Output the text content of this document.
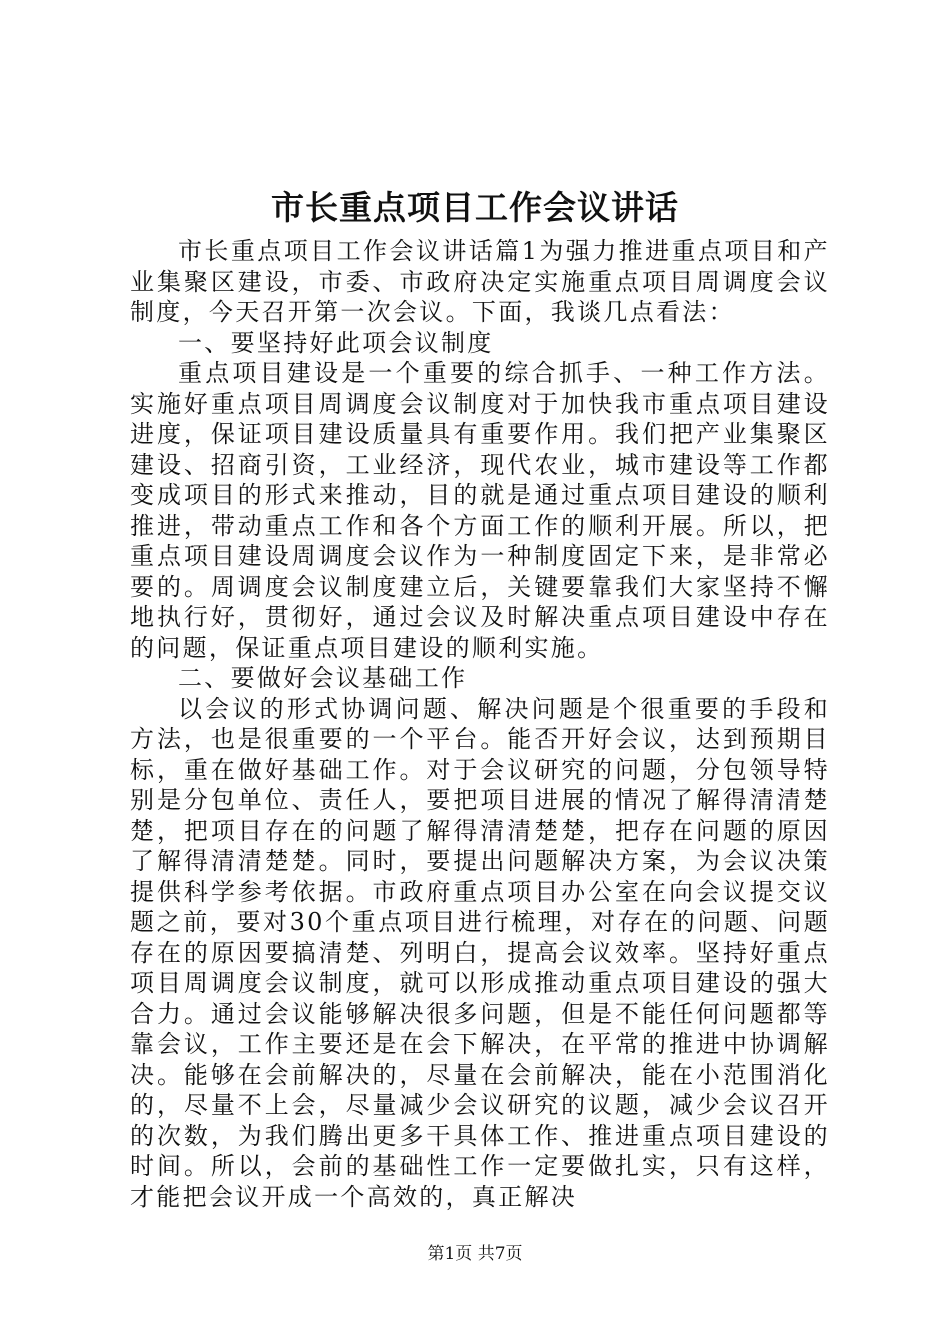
市长重点项目工作会议讲话

市长重点项目工作会议讲话篇1为强力推进重点项目和产业集聚区建设，市委、市政府决定实施重点项目周调度会议制度，今天召开第一次会议。下面，我谈几点看法：

一、要坚持好此项会议制度

重点项目建设是一个重要的综合抓手、一种工作方法。实施好重点项目周调度会议制度对于加快我市重点项目建设进度，保证项目建设质量具有重要作用。我们把产业集聚区建设、招商引资，工业经济，现代农业，城市建设等工作都变成项目的形式来推动，目的就是通过重点项目建设的顺利推进，带动重点工作和各个方面工作的顺利开展。所以，把重点项目建设周调度会议作为一种制度固定下来，是非常必要的。周调度会议制度建立后，关键要靠我们大家坚持不懈地执行好，贯彻好，通过会议及时解决重点项目建设中存在的问题，保证重点项目建设的顺利实施。

二、要做好会议基础工作

以会议的形式协调问题、解决问题是个很重要的手段和方法，也是很重要的一个平台。能否开好会议，达到预期目标，重在做好基础工作。对于会议研究的问题，分包领导特别是分包单位、责任人，要把项目进展的情况了解得清清楚楚，把项目存在的问题了解得清清楚楚，把存在问题的原因了解得清清楚楚。同时，要提出问题解决方案，为会议决策提供科学参考依据。市政府重点项目办公室在向会议提交议题之前，要对30个重点项目进行梳理，对存在的问题、问题存在的原因要搞清楚、列明白，提高会议效率。坚持好重点项目周调度会议制度，就可以形成推动重点项目建设的强大合力。通过会议能够解决很多问题，但是不能任何问题都等靠会议，工作主要还是在会下解决，在平常的推进中协调解决。能够在会前解决的，尽量在会前解决，能在小范围消化的，尽量不上会，尽量减少会议研究的议题，减少会议召开的次数，为我们腾出更多干具体工作、推进重点项目建设的时间。所以，会前的基础性工作一定要做扎实，只有这样，才能把会议开成一个高效的，真正解决

第1页 共7页
